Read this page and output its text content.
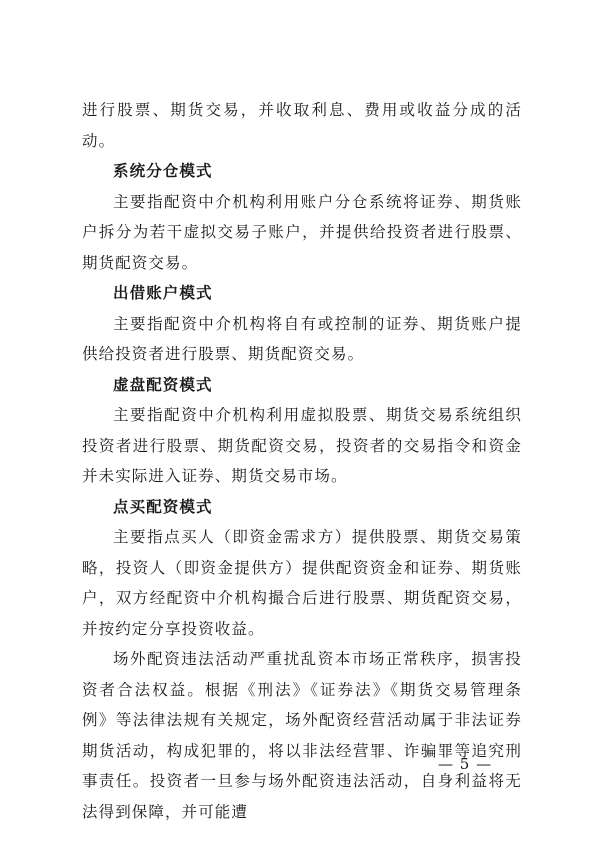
进行股票、期货交易，并收取利息、费用或收益分成的活动。

系统分仓模式

主要指配资中介机构利用账户分仓系统将证券、期货账户拆分为若干虚拟交易子账户，并提供给投资者进行股票、期货配资交易。

出借账户模式

主要指配资中介机构将自有或控制的证券、期货账户提供给投资者进行股票、期货配资交易。

虚盘配资模式

主要指配资中介机构利用虚拟股票、期货交易系统组织投资者进行股票、期货配资交易，投资者的交易指令和资金并未实际进入证券、期货交易市场。

点买配资模式

主要指点买人（即资金需求方）提供股票、期货交易策略，投资人（即资金提供方）提供配资资金和证券、期货账户，双方经配资中介机构撮合后进行股票、期货配资交易，并按约定分享投资收益。

场外配资违法活动严重扰乱资本市场正常秩序，损害投资者合法权益。根据《刑法》《证券法》《期货交易管理条例》等法律法规有关规定，场外配资经营活动属于非法证券期货活动，构成犯罪的，将以非法经营罪、诈骗罪等追究刑事责任。投资者一旦参与场外配资违法活动，自身利益将无法得到保障，并可能遭

— 5 —
